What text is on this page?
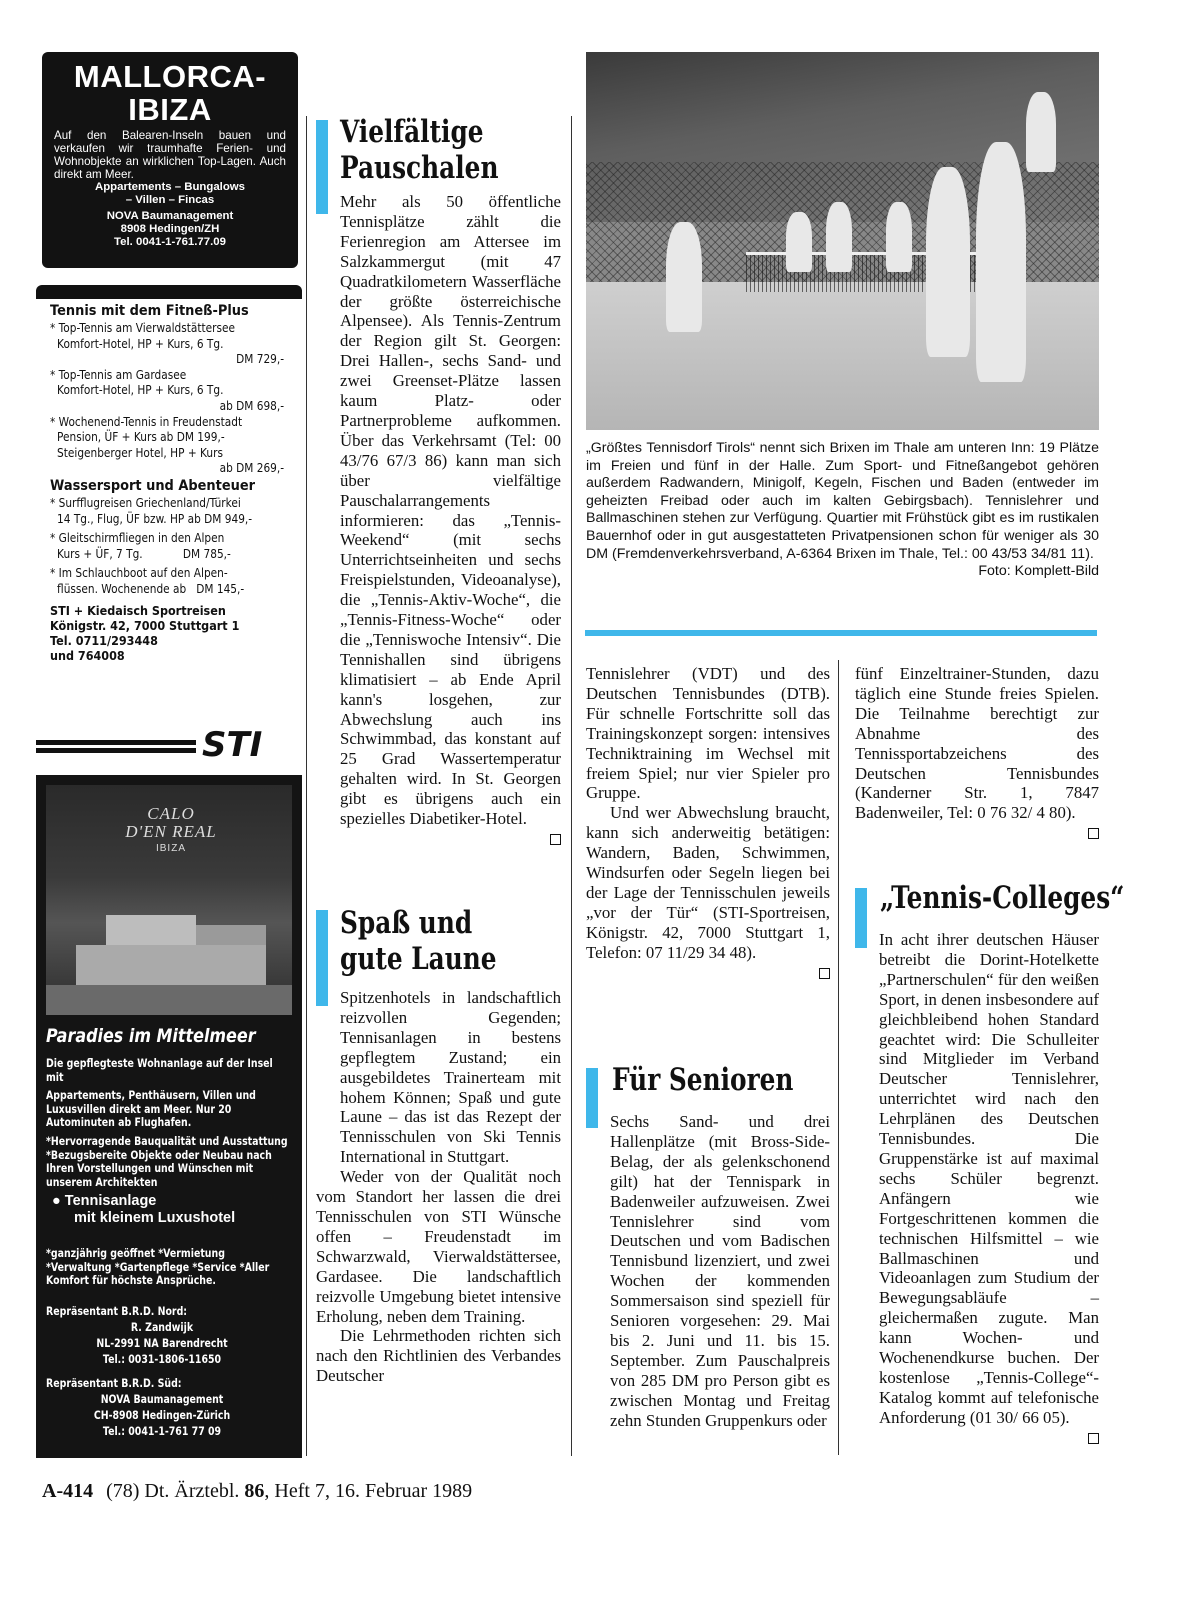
MALLORCA-
IBIZA
Auf den Balearen-Inseln bauen und verkaufen wir traumhafte Ferien- und Wohnobjekte an wirklichen Top-Lagen. Auch direkt am Meer.
Appartements – Bungalows
– Villen – Fincas
NOVA Baumanagement
8908 Hedingen/ZH
Tel. 0041-1-761.77.09
Tennis mit dem Fitneß-Plus
* Top-Tennis am Vierwaldstättersee
Komfort-Hotel, HP + Kurs, 6 Tg.
DM 729,-
* Top-Tennis am Gardasee
Komfort-Hotel, HP + Kurs, 6 Tg.
ab DM 698,-
* Wochenend-Tennis in Freudenstadt
Pension, ÜF + Kurs ab DM 199,-
Steigenberger Hotel, HP + Kurs
ab DM 269,-
Wassersport und Abenteuer
* Surfflugreisen Griechenland/Türkei
14 Tg., Flug, ÜF bzw. HP ab DM 949,-
* Gleitschirmfliegen in den Alpen
Kurs + ÜF, 7 Tg.            DM 785,-
* Im Schlauchboot auf den Alpen-
flüssen. Wochenende ab   DM 145,-
STI + Kiedaisch Sportreisen
Königstr. 42, 7000 Stuttgart 1
Tel. 0711/293448
und 764008
STI
CALO
D'EN REAL
IBIZA
Paradies im Mittelmeer
Die gepflegteste Wohnanlage auf der Insel mit
Appartements, Penthäusern, Villen und Luxusvillen direkt am Meer. Nur 20 Autominuten ab Flughafen.
*Hervorragende Bauqualität und Ausstattung *Bezugsbereite Objekte oder Neubau nach Ihren Vorstellungen und Wünschen mit unserem Architekten
● Tennisanlage
mit kleinem Luxushotel
*ganzjährig geöffnet *Vermietung *Verwaltung *Gartenpflege *Service *Aller Komfort für höchste Ansprüche.
Repräsentant B.R.D. Nord:
R. Zandwijk
NL-2991 NA Barendrecht
Tel.: 0031-1806-11650
Repräsentant B.R.D. Süd:
NOVA Baumanagement
CH-8908 Hedingen-Zürich
Tel.: 0041-1-761 77 09
Vielfältige
Pauschalen

Mehr als 50 öffentliche Tennisplätze zählt die Ferienregion am Attersee im Salzkammergut (mit 47 Quadratkilometern Wasserfläche der größte österreichische Alpensee). Als Tennis-Zentrum der Region gilt St. Georgen: Drei Hallen-, sechs Sand- und zwei Greenset-Plätze lassen kaum Platz- oder Partnerprobleme aufkommen. Über das Verkehrsamt (Tel: 00 43/76 67/3 86) kann man sich über vielfältige Pauschalarrangements informieren: das „Tennis-Weekend“ (mit sechs Unterrichtseinheiten und sechs Freispielstunden, Videoanalyse), die „Tennis-Aktiv-Woche“, die „Tennis-Fitness-Woche“ oder die „Tenniswoche Intensiv“. Die Tennishallen sind übrigens klimatisiert – ab Ende April kann's losgehen, zur Abwechslung auch ins Schwimmbad, das konstant auf 25 Grad Wassertemperatur gehalten wird. In St. Georgen gibt es übrigens auch ein spezielles Diabetiker-Hotel.

Spaß und
gute Laune

Spitzenhotels in landschaftlich reizvollen Gegenden; Tennisanlagen in bestens gepflegtem Zustand; ein ausgebildetes Trainerteam mit hohem Können; Spaß und gute Laune – das ist das Rezept der Tennisschulen von Ski Tennis International in Stuttgart.

Weder von der Qualität noch vom Standort her lassen die drei Tennisschulen von STI Wünsche offen – Freudenstadt im Schwarzwald, Vierwaldstättersee, Gardasee. Die landschaftlich reizvolle Umgebung bietet intensive Erholung, neben dem Training.

Die Lehrmethoden richten sich nach den Richtlinien des Verbandes Deutscher

Tennislehrer (VDT) und des Deutschen Tennisbundes (DTB). Für schnelle Fortschritte soll das Trainingskonzept sorgen: intensives Techniktraining im Wechsel mit freiem Spiel; nur vier Spieler pro Gruppe.

Und wer Abwechslung braucht, kann sich anderweitig betätigen: Wandern, Baden, Schwimmen, Windsurfen oder Segeln liegen bei der Lage der Tennisschulen jeweils „vor der Tür“ (STI-Sportreisen, Königstr. 42, 7000 Stuttgart 1, Telefon: 07 11/29 34 48).

Für Senioren

Sechs Sand- und drei Hallenplätze (mit Bross-Side-Belag, der als gelenkschonend gilt) hat der Tennispark in Badenweiler aufzuweisen. Zwei Tennislehrer sind vom Deutschen und vom Badischen Tennisbund lizenziert, und zwei Wochen der kommenden Sommersaison sind speziell für Senioren vorgesehen: 29. Mai bis 2. Juni und 11. bis 15. September. Zum Pauschalpreis von 285 DM pro Person gibt es zwischen Montag und Freitag zehn Stunden Gruppenkurs oder

fünf Einzeltrainer-Stunden, dazu täglich eine Stunde freies Spielen. Die Teilnahme berechtigt zur Abnahme des Tennissportabzeichens des Deutschen Tennisbundes (Kanderner Str. 1, 7847 Badenweiler, Tel: 0 76 32/ 4 80).

„Tennis-Colleges“

In acht ihrer deutschen Häuser betreibt die Dorint-Hotelkette „Partnerschulen“ für den weißen Sport, in denen insbesondere auf gleichbleibend hohen Standard geachtet wird: Die Schulleiter sind Mitglieder im Verband Deutscher Tennislehrer, unterrichtet wird nach den Lehrplänen des Deutschen Tennisbundes. Die Gruppenstärke ist auf maximal sechs Schüler begrenzt. Anfängern wie Fortgeschrittenen kommen die technischen Hilfsmittel – wie Ballmaschinen und Videoanlagen zum Studium der Bewegungsabläufe – gleichermaßen zugute. Man kann Wochen- und Wochenendkurse buchen. Der kostenlose „Tennis-College“-Katalog kommt auf telefonische Anforderung (01 30/ 66 05).

„Größtes Tennisdorf Tirols“ nennt sich Brixen im Thale am unteren Inn: 19 Plätze im Freien und fünf in der Halle. Zum Sport- und Fitneßangebot gehören außerdem Radwandern, Minigolf, Kegeln, Fischen und Baden (entweder im geheizten Freibad oder auch im kalten Gebirgsbach). Tennislehrer und Ballmaschinen stehen zur Verfügung. Quartier mit Frühstück gibt es im rustikalen Bauernhof oder in gut ausgestatteten Privatpensionen schon für weniger als 30 DM (Fremdenverkehrsverband, A-6364 Brixen im Thale, Tel.: 00 43/53 34/81 11).
Foto: Komplett-Bild
A-414 (78) Dt. Ärztebl. 86, Heft 7, 16. Februar 1989
